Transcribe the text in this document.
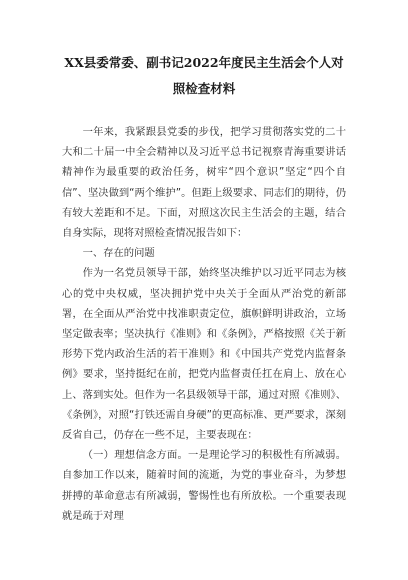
XX县委常委、副书记2022年度民主生活会个人对照检查材料

一年来，我紧跟县党委的步伐，把学习贯彻落实党的二十大和二十届一中全会精神以及习近平总书记视察青海重要讲话精神作为最重要的政治任务，树牢“四个意识”坚定“四个自信”、坚决做到“两个维护”。但距上级要求、同志们的期待，仍有较大差距和不足。下面，对照这次民主生活会的主题，结合自身实际，现将对照检查情况报告如下：

一、存在的问题

作为一名党员领导干部，始终坚决维护以习近平同志为核心的党中央权威，坚决拥护党中央关于全面从严治党的新部署，在全面从严治党中找准职责定位，旗帜鲜明讲政治，立场坚定做表率；坚决执行《准则》和《条例》，严格按照《关于新形势下党内政治生活的若干准则》和《中国共产党党内监督条例》要求，坚持挺纪在前，把党内监督责任扛在肩上、放在心上、落到实处。但作为一名县级领导干部，通过对照《准则》、《条例》，对照“打铁还需自身硬”的更高标准、更严要求，深刻反省自己，仍存在一些不足，主要表现在：

（一）理想信念方面。一是理论学习的积极性有所减弱。自参加工作以来，随着时间的流逝，为党的事业奋斗，为梦想拼搏的革命意志有所减弱，警惕性也有所放松。一个重要表现就是疏于对理
